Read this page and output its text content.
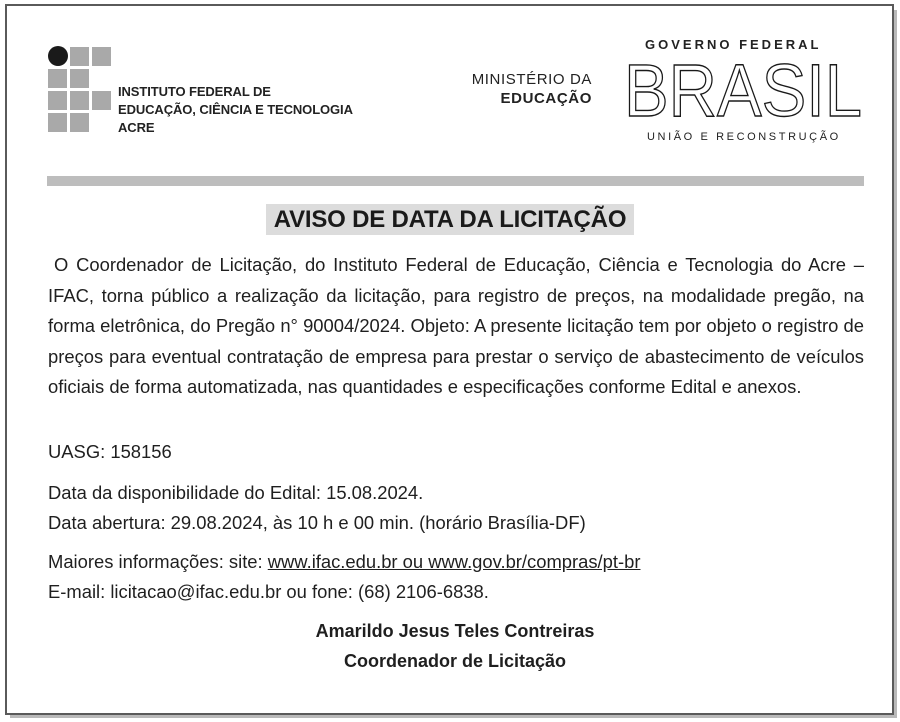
INSTITUTO FEDERAL DE
EDUCAÇÃO, CIÊNCIA E TECNOLOGIA
ACRE
MINISTÉRIO DA
EDUCAÇÃO
GOVERNO FEDERAL
BRASIL
UNIÃO E RECONSTRUÇÃO
AVISO DE DATA DA LICITAÇÃO
O Coordenador de Licitação, do Instituto Federal de Educação, Ciência e Tecnologia do Acre – IFAC, torna público a realização da licitação, para registro de preços, na modalidade pregão, na forma eletrônica, do Pregão n° 90004/2024. Objeto: A presente licitação tem por objeto o registro de preços para eventual contratação de empresa para prestar o serviço de abastecimento de veículos oficiais de forma automatizada, nas quantidades e especificações conforme Edital e anexos.
UASG: 158156
Data da disponibilidade do Edital: 15.08.2024.
Data abertura: 29.08.2024, às 10 h e 00 min. (horário Brasília-DF)
Maiores informações: site: www.ifac.edu.br ou www.gov.br/compras/pt-br
E-mail: licitacao@ifac.edu.br ou fone: (68) 2106-6838.
Amarildo Jesus Teles Contreiras
Coordenador de Licitação
